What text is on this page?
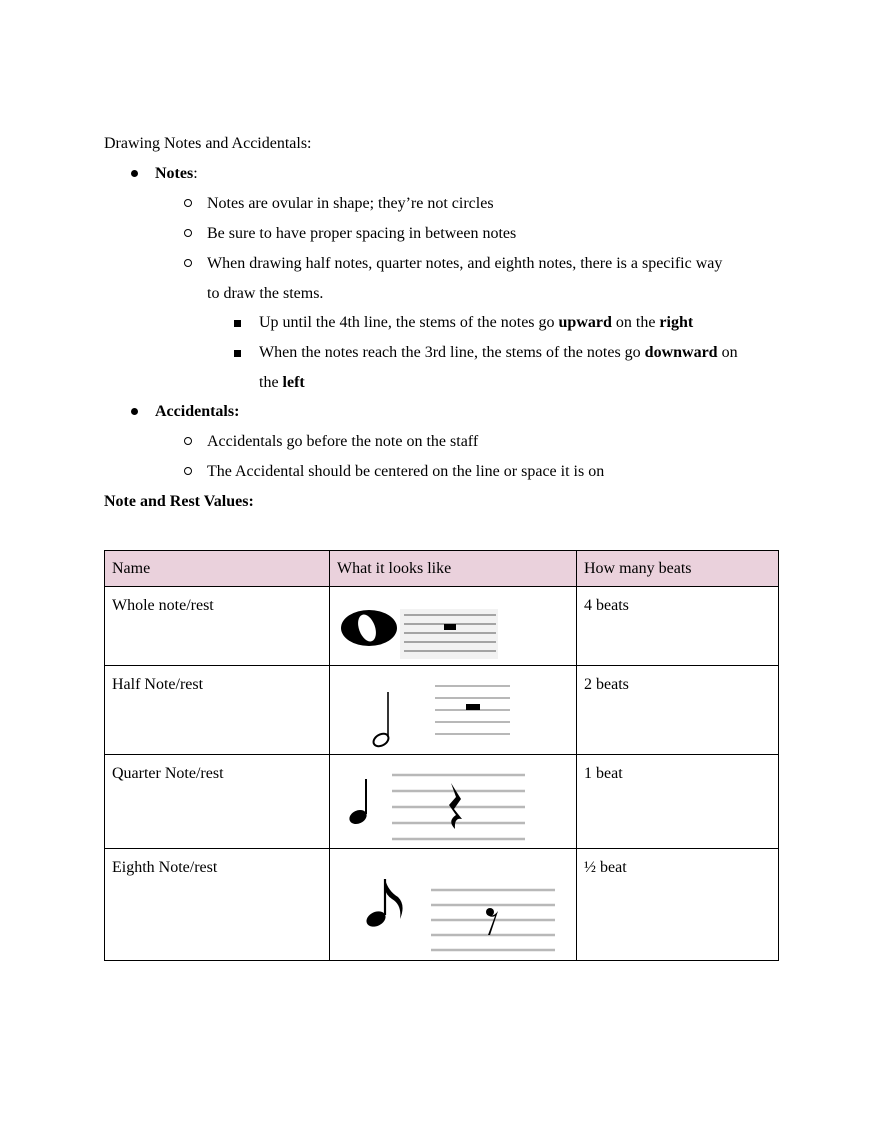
Drawing Notes and Accidentals:
Notes:
Notes are ovular in shape; they’re not circles
Be sure to have proper spacing in between notes
When drawing half notes, quarter notes, and eighth notes, there is a specific way
to draw the stems.
Up until the 4th line, the stems of the notes go upward on the right
When the notes reach the 3rd line, the stems of the notes go downward on
the left
Accidentals:
Accidentals go before the note on the staff
The Accidental should be centered on the line or space it is on
Note and Rest Values:
Name	What it looks like	How many beats
Whole note/rest		4 beats
Half Note/rest		2 beats
Quarter Note/rest		1 beat
Eighth Note/rest		½ beat
